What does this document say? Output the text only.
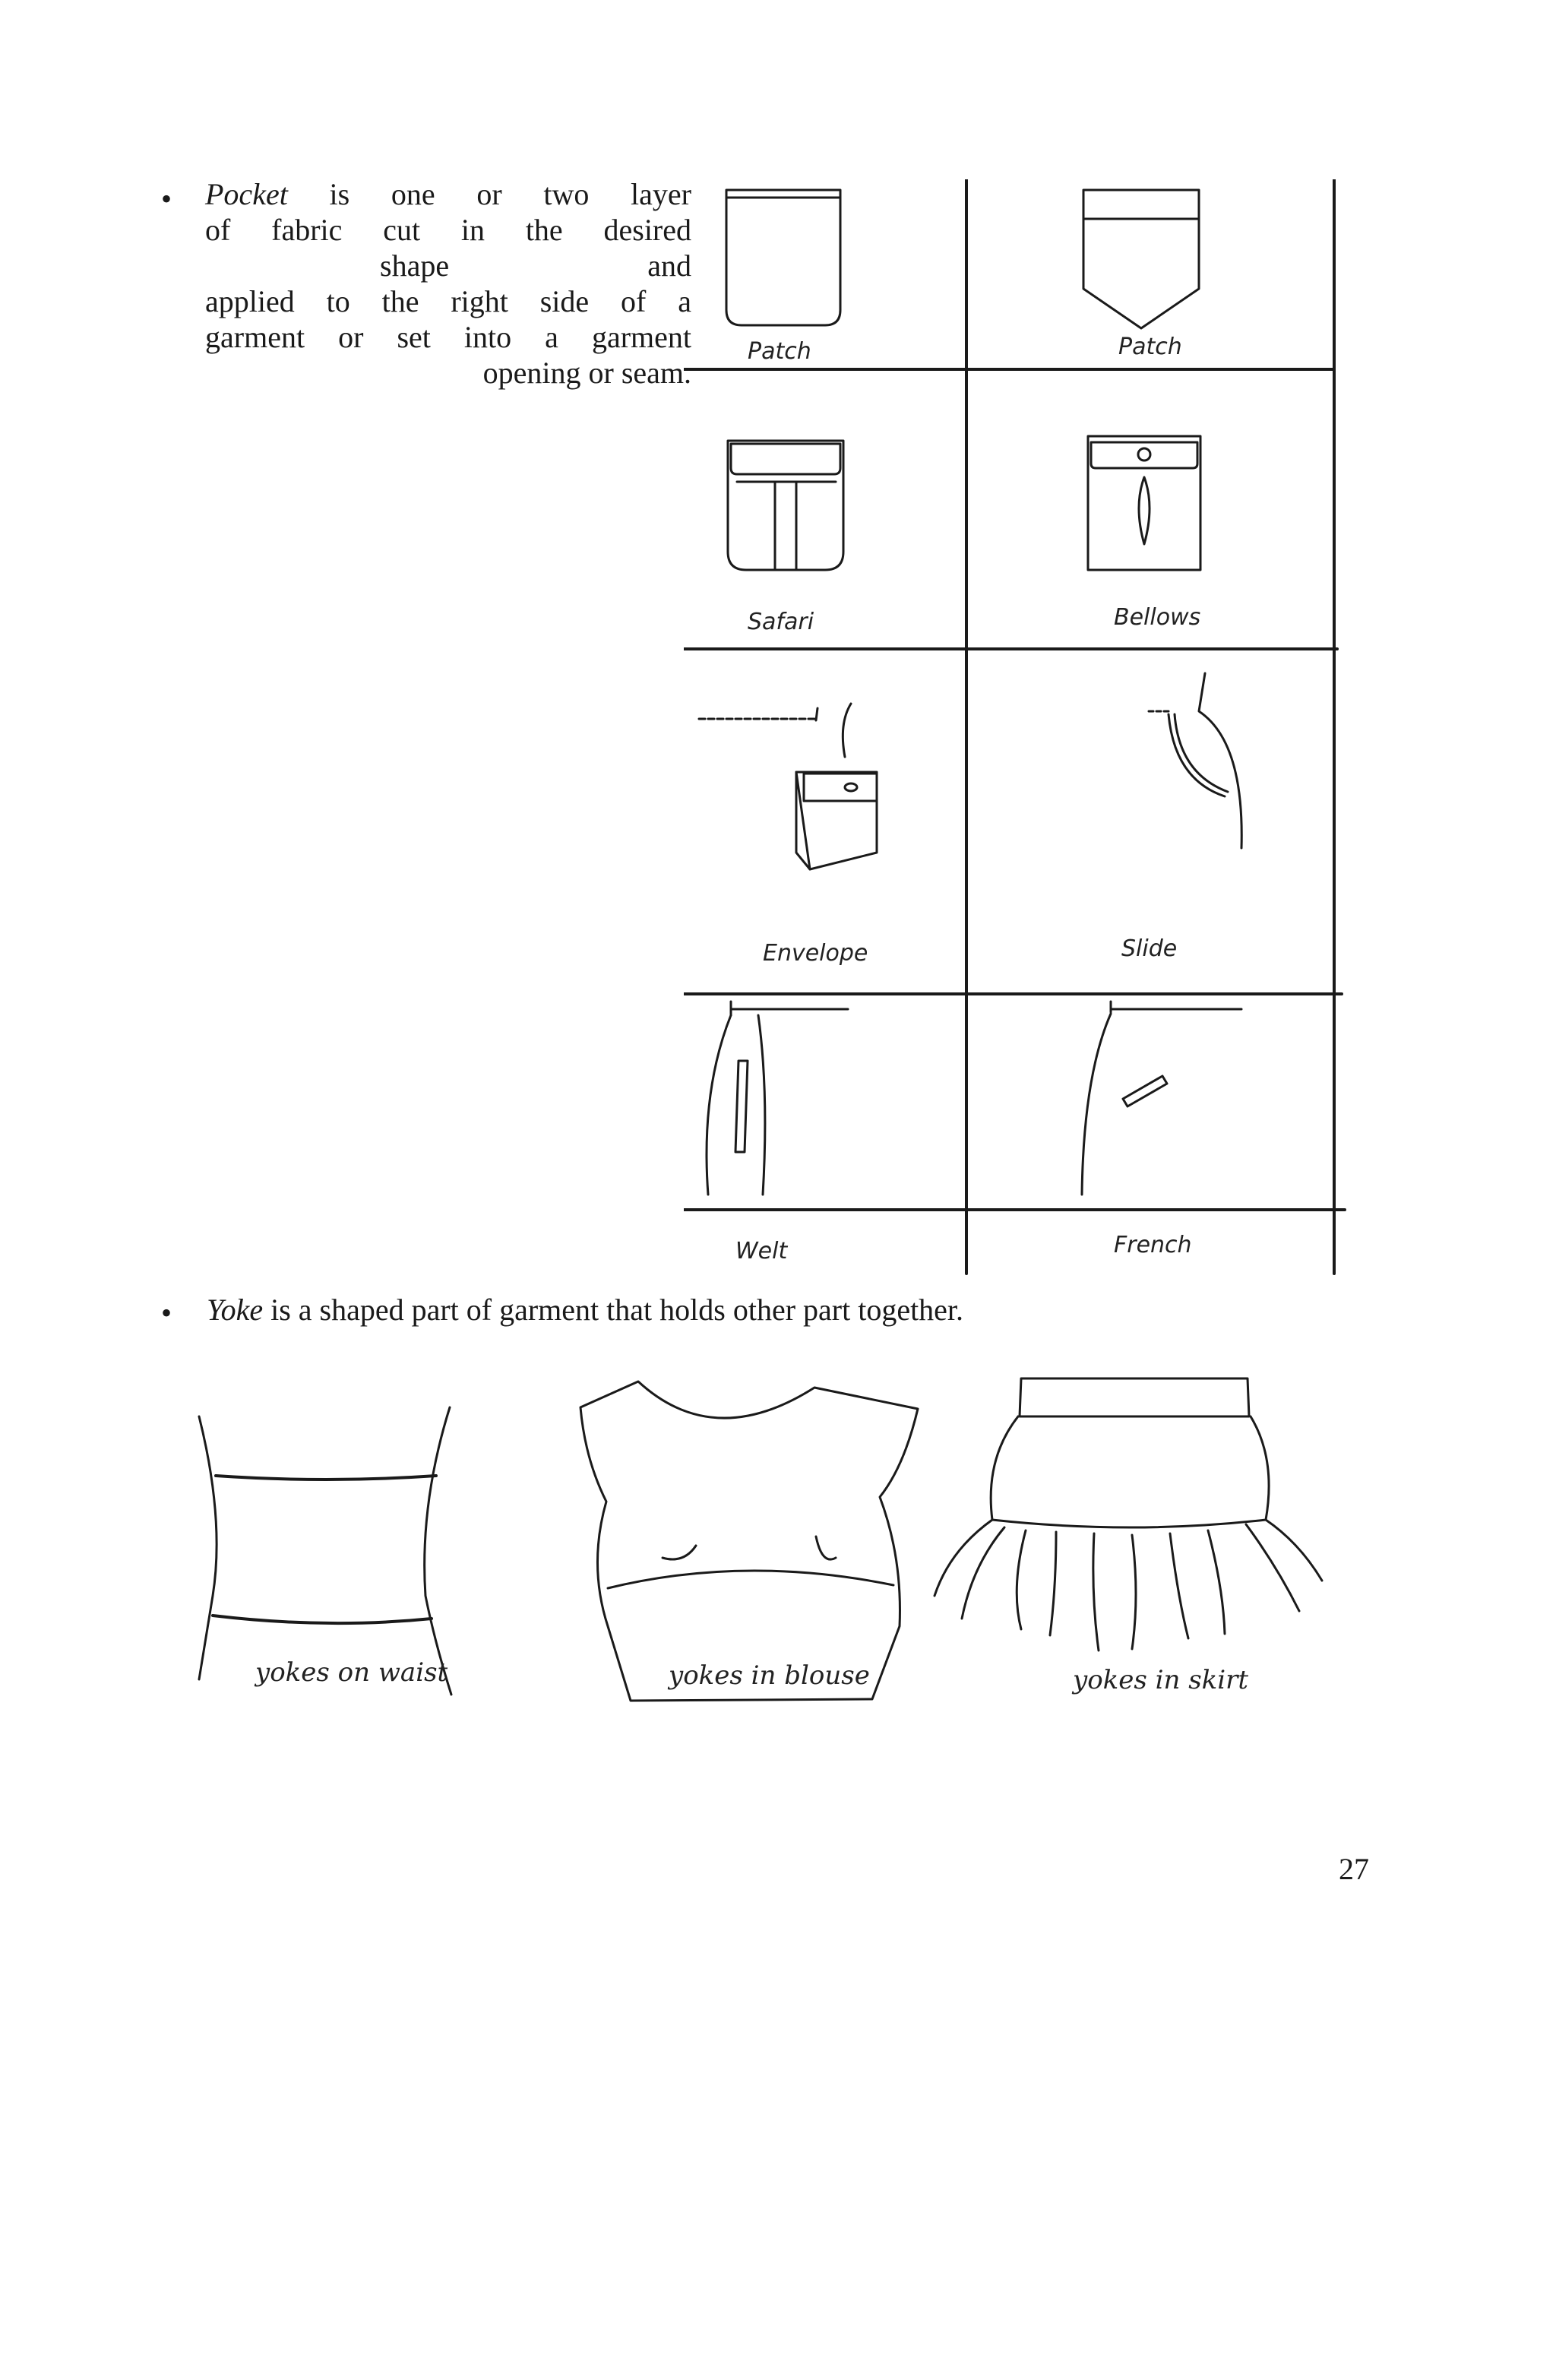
• Pocket is one or two layer
of fabric cut in the desired
shape and
applied to the right side of a
garment or set into a garment
opening or seam.
Patch	Patch
Safari	Bellows
Envelope	Slide
Welt	French
• Yoke is a shaped part of garment that holds other part together.
yokes on waist	yokes in blouse	yokes in skirt
27
